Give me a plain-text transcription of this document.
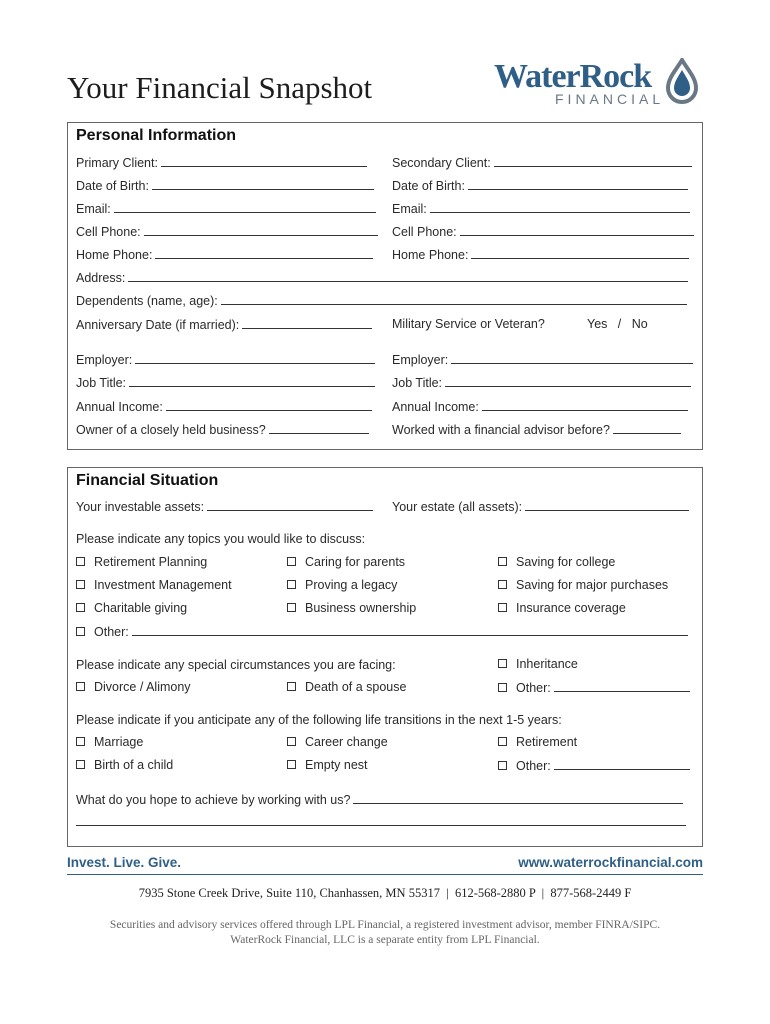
Your Financial Snapshot	WaterRock
FINANCIAL
Personal Information
Primary Client:	Secondary Client:
Date of Birth:	Date of Birth:
Email:	Email:
Cell Phone:	Cell Phone:
Home Phone:	Home Phone:
Address:
Dependents (name, age):
Anniversary Date (if married):	Military Service or Veteran?	Yes   /   No
Employer:	Employer:
Job Title:	Job Title:
Annual Income:	Annual Income:
Owner of a closely held business?	Worked with a financial advisor before?
Financial Situation
Your investable assets:	Your estate (all assets):
Please indicate any topics you would like to discuss:
Retirement Planning	Caring for parents	Saving for college
Investment Management	Proving a legacy	Saving for major purchases
Charitable giving	Business ownership	Insurance coverage
Other:
Please indicate any special circumstances you are facing:	Inheritance
Divorce / Alimony	Death of a spouse	Other:
Please indicate if you anticipate any of the following life transitions in the next 1-5 years:
Marriage	Career change	Retirement
Birth of a child	Empty nest	Other:
What do you hope to achieve by working with us?
Invest. Live. Give.	www.waterrockfinancial.com
7935 Stone Creek Drive, Suite 110, Chanhassen, MN 55317  |  612-568-2880 P  |  877-568-2449 F
Securities and advisory services offered through LPL Financial, a registered investment advisor, member FINRA/SIPC.
WaterRock Financial, LLC is a separate entity from LPL Financial.
